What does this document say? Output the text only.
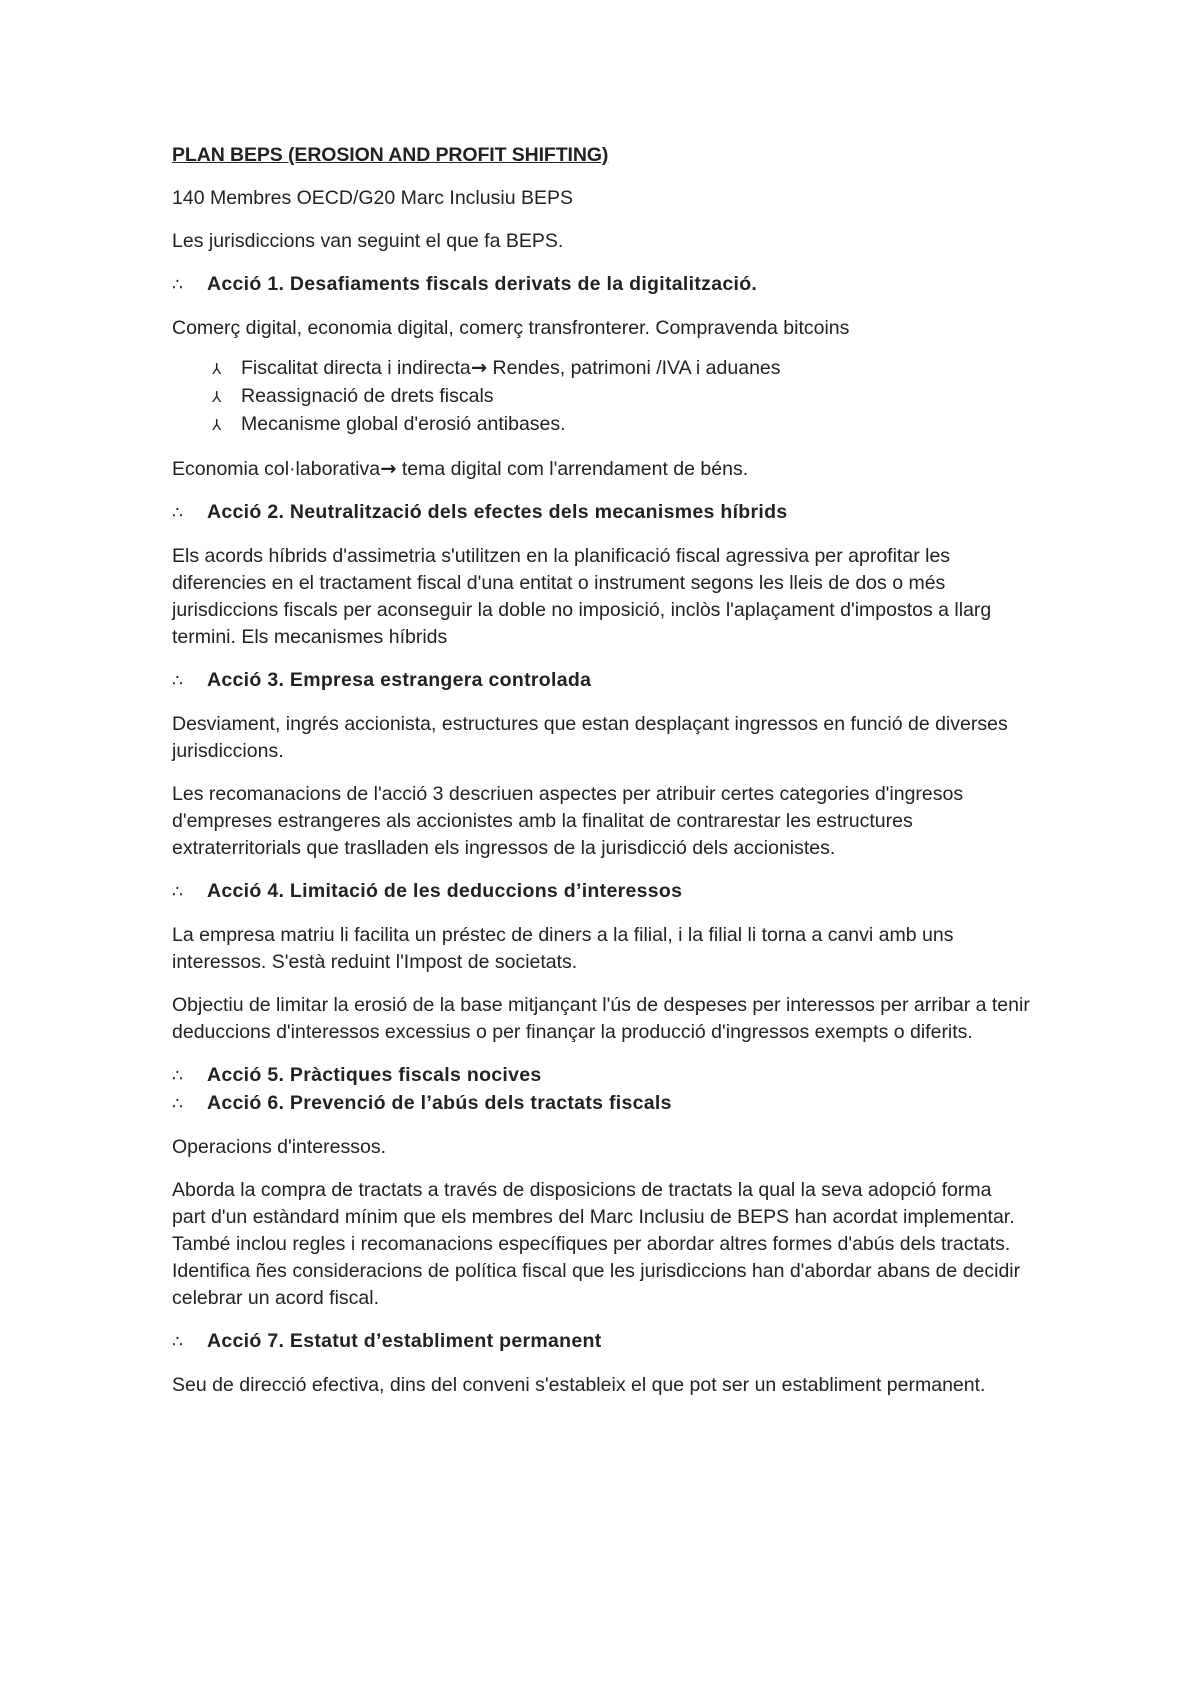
PLAN BEPS (EROSION AND PROFIT SHIFTING)

140 Membres OECD/G20 Marc Inclusiu BEPS

Les jurisdiccions van seguint el que fa BEPS.

∴	Acció 1. Desafiaments fiscals derivats de la digitalització.

Comerç digital, economia digital, comerç transfronterer. Compravenda bitcoins

⅄	Fiscalitat directa i indirecta→ Rendes, patrimoni /IVA i aduanes
⅄	Reassignació de drets fiscals
⅄	Mecanisme global d'erosió antibases.

Economia col·laborativa→ tema digital com l'arrendament de béns.

∴	Acció 2. Neutralització dels efectes dels mecanismes híbrids

Els acords híbrids d'assimetria s'utilitzen en la planificació fiscal agressiva per aprofitar les diferencies en el tractament fiscal d'una entitat o instrument segons les lleis de dos o més jurisdiccions fiscals per aconseguir la doble no imposició, inclòs l'aplaçament d'impostos a llarg termini. Els mecanismes híbrids

∴	Acció 3. Empresa estrangera controlada

Desviament, ingrés accionista, estructures que estan desplaçant ingressos en funció de diverses jurisdiccions.

Les recomanacions de l'acció 3 descriuen aspectes per atribuir certes categories d'ingresos d'empreses estrangeres als accionistes amb la finalitat de contrarestar les estructures extraterritorials que traslladen els ingressos de la jurisdicció dels accionistes.

∴	Acció 4. Limitació de les deduccions d’interessos

La empresa matriu li facilita un préstec de diners a la filial, i la filial li torna a canvi amb uns interessos. S'està reduint l'Impost de societats.

Objectiu de limitar la erosió de la base mitjançant l'ús de despeses per interessos per arribar a tenir deduccions d'interessos excessius o per finançar la producció d'ingressos exempts o diferits.

∴	Acció 5. Pràctiques fiscals nocives

∴	Acció 6. Prevenció de l’abús dels tractats fiscals

Operacions d'interessos.

Aborda la compra de tractats a través de disposicions de tractats la qual la seva adopció forma part d'un estàndard mínim que els membres del Marc Inclusiu de BEPS han acordat implementar. També inclou regles i recomanacions específiques per abordar altres formes d'abús dels tractats. Identifica ñes consideracions de política fiscal que les jurisdiccions han d'abordar abans de decidir celebrar un acord fiscal.

∴	Acció 7. Estatut d’establiment permanent

Seu de direcció efectiva, dins del conveni s'estableix el que pot ser un establiment permanent.
